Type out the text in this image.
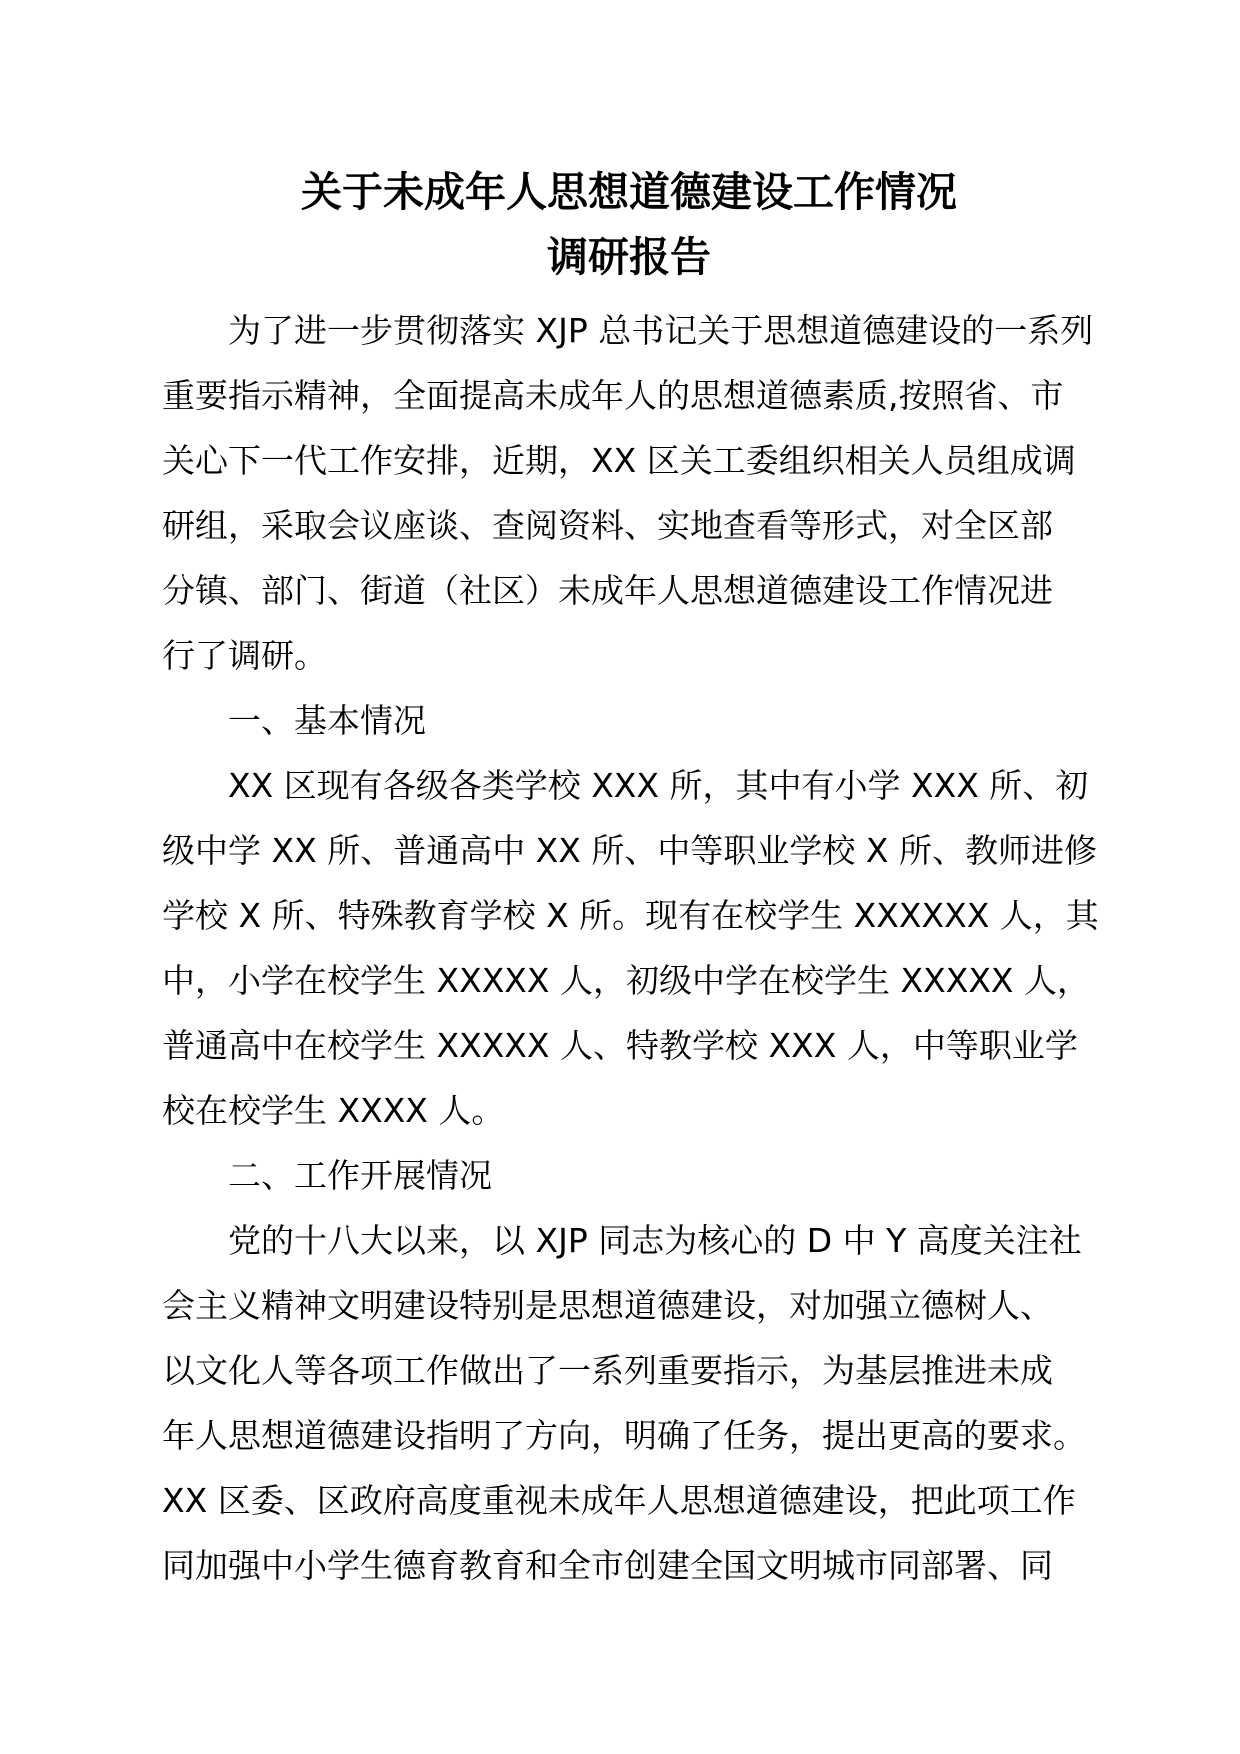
关于未成年人思想道德建设工作情况
调研报告

为了进一步贯彻落实 XJP 总书记关于思想道德建设的一系列
重要指示精神，全面提高未成年人的思想道德素质,按照省、市
关心下一代工作安排，近期，XX 区关工委组织相关人员组成调
研组，采取会议座谈、查阅资料、实地查看等形式，对全区部
分镇、部门、街道（社区）未成年人思想道德建设工作情况进
行了调研。

一、基本情况

XX 区现有各级各类学校 XXX 所，其中有小学 XXX 所、初
级中学 XX 所、普通高中 XX 所、中等职业学校 X 所、教师进修
学校 X 所、特殊教育学校 X 所。现有在校学生 XXXXXX 人，其
中，小学在校学生 XXXXX 人，初级中学在校学生 XXXXX 人，
普通高中在校学生 XXXXX 人、特教学校 XXX 人，中等职业学
校在校学生 XXXX 人。

二、工作开展情况

党的十八大以来，以 XJP 同志为核心的 D 中 Y 高度关注社
会主义精神文明建设特别是思想道德建设，对加强立德树人、
以文化人等各项工作做出了一系列重要指示，为基层推进未成
年人思想道德建设指明了方向，明确了任务，提出更高的要求。
XX 区委、区政府高度重视未成年人思想道德建设，把此项工作
同加强中小学生德育教育和全市创建全国文明城市同部署、同
